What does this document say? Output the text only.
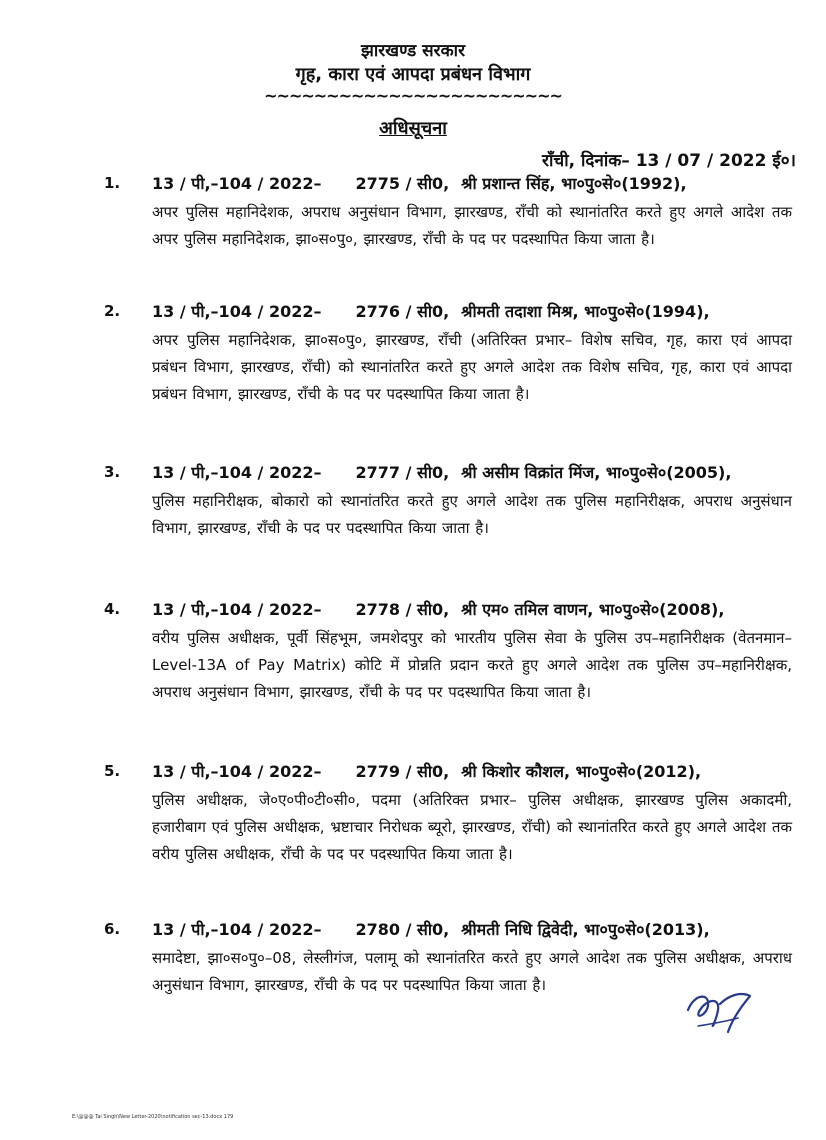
झारखण्ड सरकार
गृह, कारा एवं आपदा प्रबंधन विभाग
~~~~~~~~~~~~~~~~~~~~~~~~
अधिसूचना
राँची, दिनांक– 13 / 07 / 2022 ई०।
1. 13 / पी,–104 / 2022– 2775 / सी0, श्री प्रशान्त सिंह, भा०पु०से०(1992),
अपर पुलिस महानिदेशक, अपराध अनुसंधान विभाग, झारखण्ड, राँची को स्थानांतरित करते हुए अगले आदेश तक अपर पुलिस महानिदेशक, झा०स०पु०, झारखण्ड, राँची के पद पर पदस्थापित किया जाता है।
2. 13 / पी,–104 / 2022– 2776 / सी0, श्रीमती तदाशा मिश्र, भा०पु०से०(1994),
अपर पुलिस महानिदेशक, झा०स०पु०, झारखण्ड, राँची (अतिरिक्त प्रभार– विशेष सचिव, गृह, कारा एवं आपदा प्रबंधन विभाग, झारखण्ड, राँची) को स्थानांतरित करते हुए अगले आदेश तक विशेष सचिव, गृह, कारा एवं आपदा प्रबंधन विभाग, झारखण्ड, राँची के पद पर पदस्थापित किया जाता है।
3. 13 / पी,–104 / 2022– 2777 / सी0, श्री असीम विक्रांत मिंज, भा०पु०से०(2005),
पुलिस महानिरीक्षक, बोकारो को स्थानांतरित करते हुए अगले आदेश तक पुलिस महानिरीक्षक, अपराध अनुसंधान विभाग, झारखण्ड, राँची के पद पर पदस्थापित किया जाता है।
4. 13 / पी,–104 / 2022– 2778 / सी0, श्री एम० तमिल वाणन, भा०पु०से०(2008),
वरीय पुलिस अधीक्षक, पूर्वी सिंहभूम, जमशेदपुर को भारतीय पुलिस सेवा के पुलिस उप–महानिरीक्षक (वेतनमान–Level-13A of Pay Matrix) कोटि में प्रोन्नति प्रदान करते हुए अगले आदेश तक पुलिस उप–महानिरीक्षक, अपराध अनुसंधान विभाग, झारखण्ड, राँची के पद पर पदस्थापित किया जाता है।
5. 13 / पी,–104 / 2022– 2779 / सी0, श्री किशोर कौशल, भा०पु०से०(2012),
पुलिस अधीक्षक, जे०ए०पी०टी०सी०, पदमा (अतिरिक्त प्रभार– पुलिस अधीक्षक, झारखण्ड पुलिस अकादमी, हजारीबाग एवं पुलिस अधीक्षक, भ्रष्टाचार निरोधक ब्यूरो, झारखण्ड, राँची) को स्थानांतरित करते हुए अगले आदेश तक वरीय पुलिस अधीक्षक, राँची के पद पर पदस्थापित किया जाता है।
6. 13 / पी,–104 / 2022– 2780 / सी0, श्रीमती निधि द्विवेदी, भा०पु०से०(2013),
समादेष्टा, झा०स०पु०–08, लेस्लीगंज, पलामू को स्थानांतरित करते हुए अगले आदेश तक पुलिस अधीक्षक, अपराध अनुसंधान विभाग, झारखण्ड, राँची के पद पर पदस्थापित किया जाता है।
E:\@@@ Tai Singh\New Letter-2020\notification sec-13.docx 179
